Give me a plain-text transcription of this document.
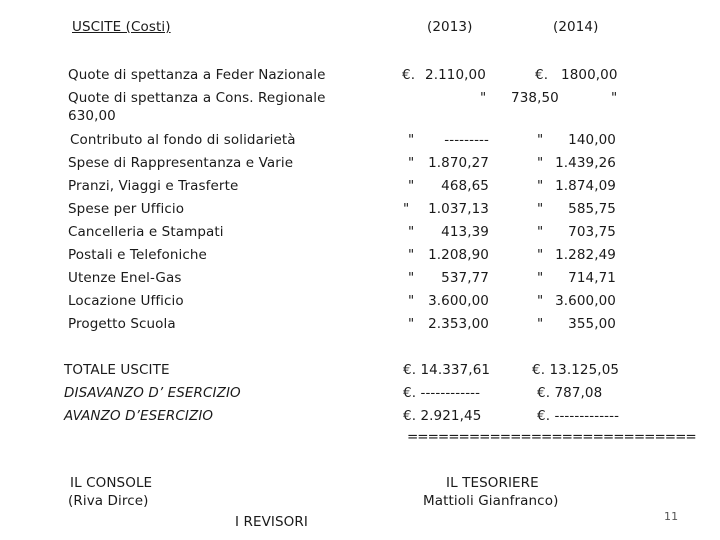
USCITE (Costi)	(2013)	(2014)
Quote di spettanza a Feder Nazionale	€. 2.110,00	€. 1800,00
Quote di spettanza a Cons. Regionale	" 738,50	"
630,00
Contributo al fondo di solidarietà	"	---------	"	140,00
Spese di Rappresentanza e Varie	"	1.870,27	" 1.439,26
Pranzi, Viaggi e Trasferte	"	468,65	" 1.874,09
Spese per Ufficio	"	1.037,13	"	585,75
Cancelleria e Stampati	"	413,39	"	703,75
Postali e Telefoniche	"	1.208,90	" 1.282,49
Utenze Enel-Gas	"	537,77	"	714,71
Locazione Ufficio	"	3.600,00	" 3.600,00
Progetto Scuola	"	2.353,00	"	355,00
TOTALE USCITE	€. 14.337,61	€. 13.125,05
DISAVANZO D’ ESERCIZIO	€. ------------	€. 787,08
AVANZO D’ESERCIZIO	€. 2.921,45	€. -------------
============================
IL CONSOLE
(Riva Dirce)
IL TESORIERE
Mattioli Gianfranco)
I REVISORI	11
